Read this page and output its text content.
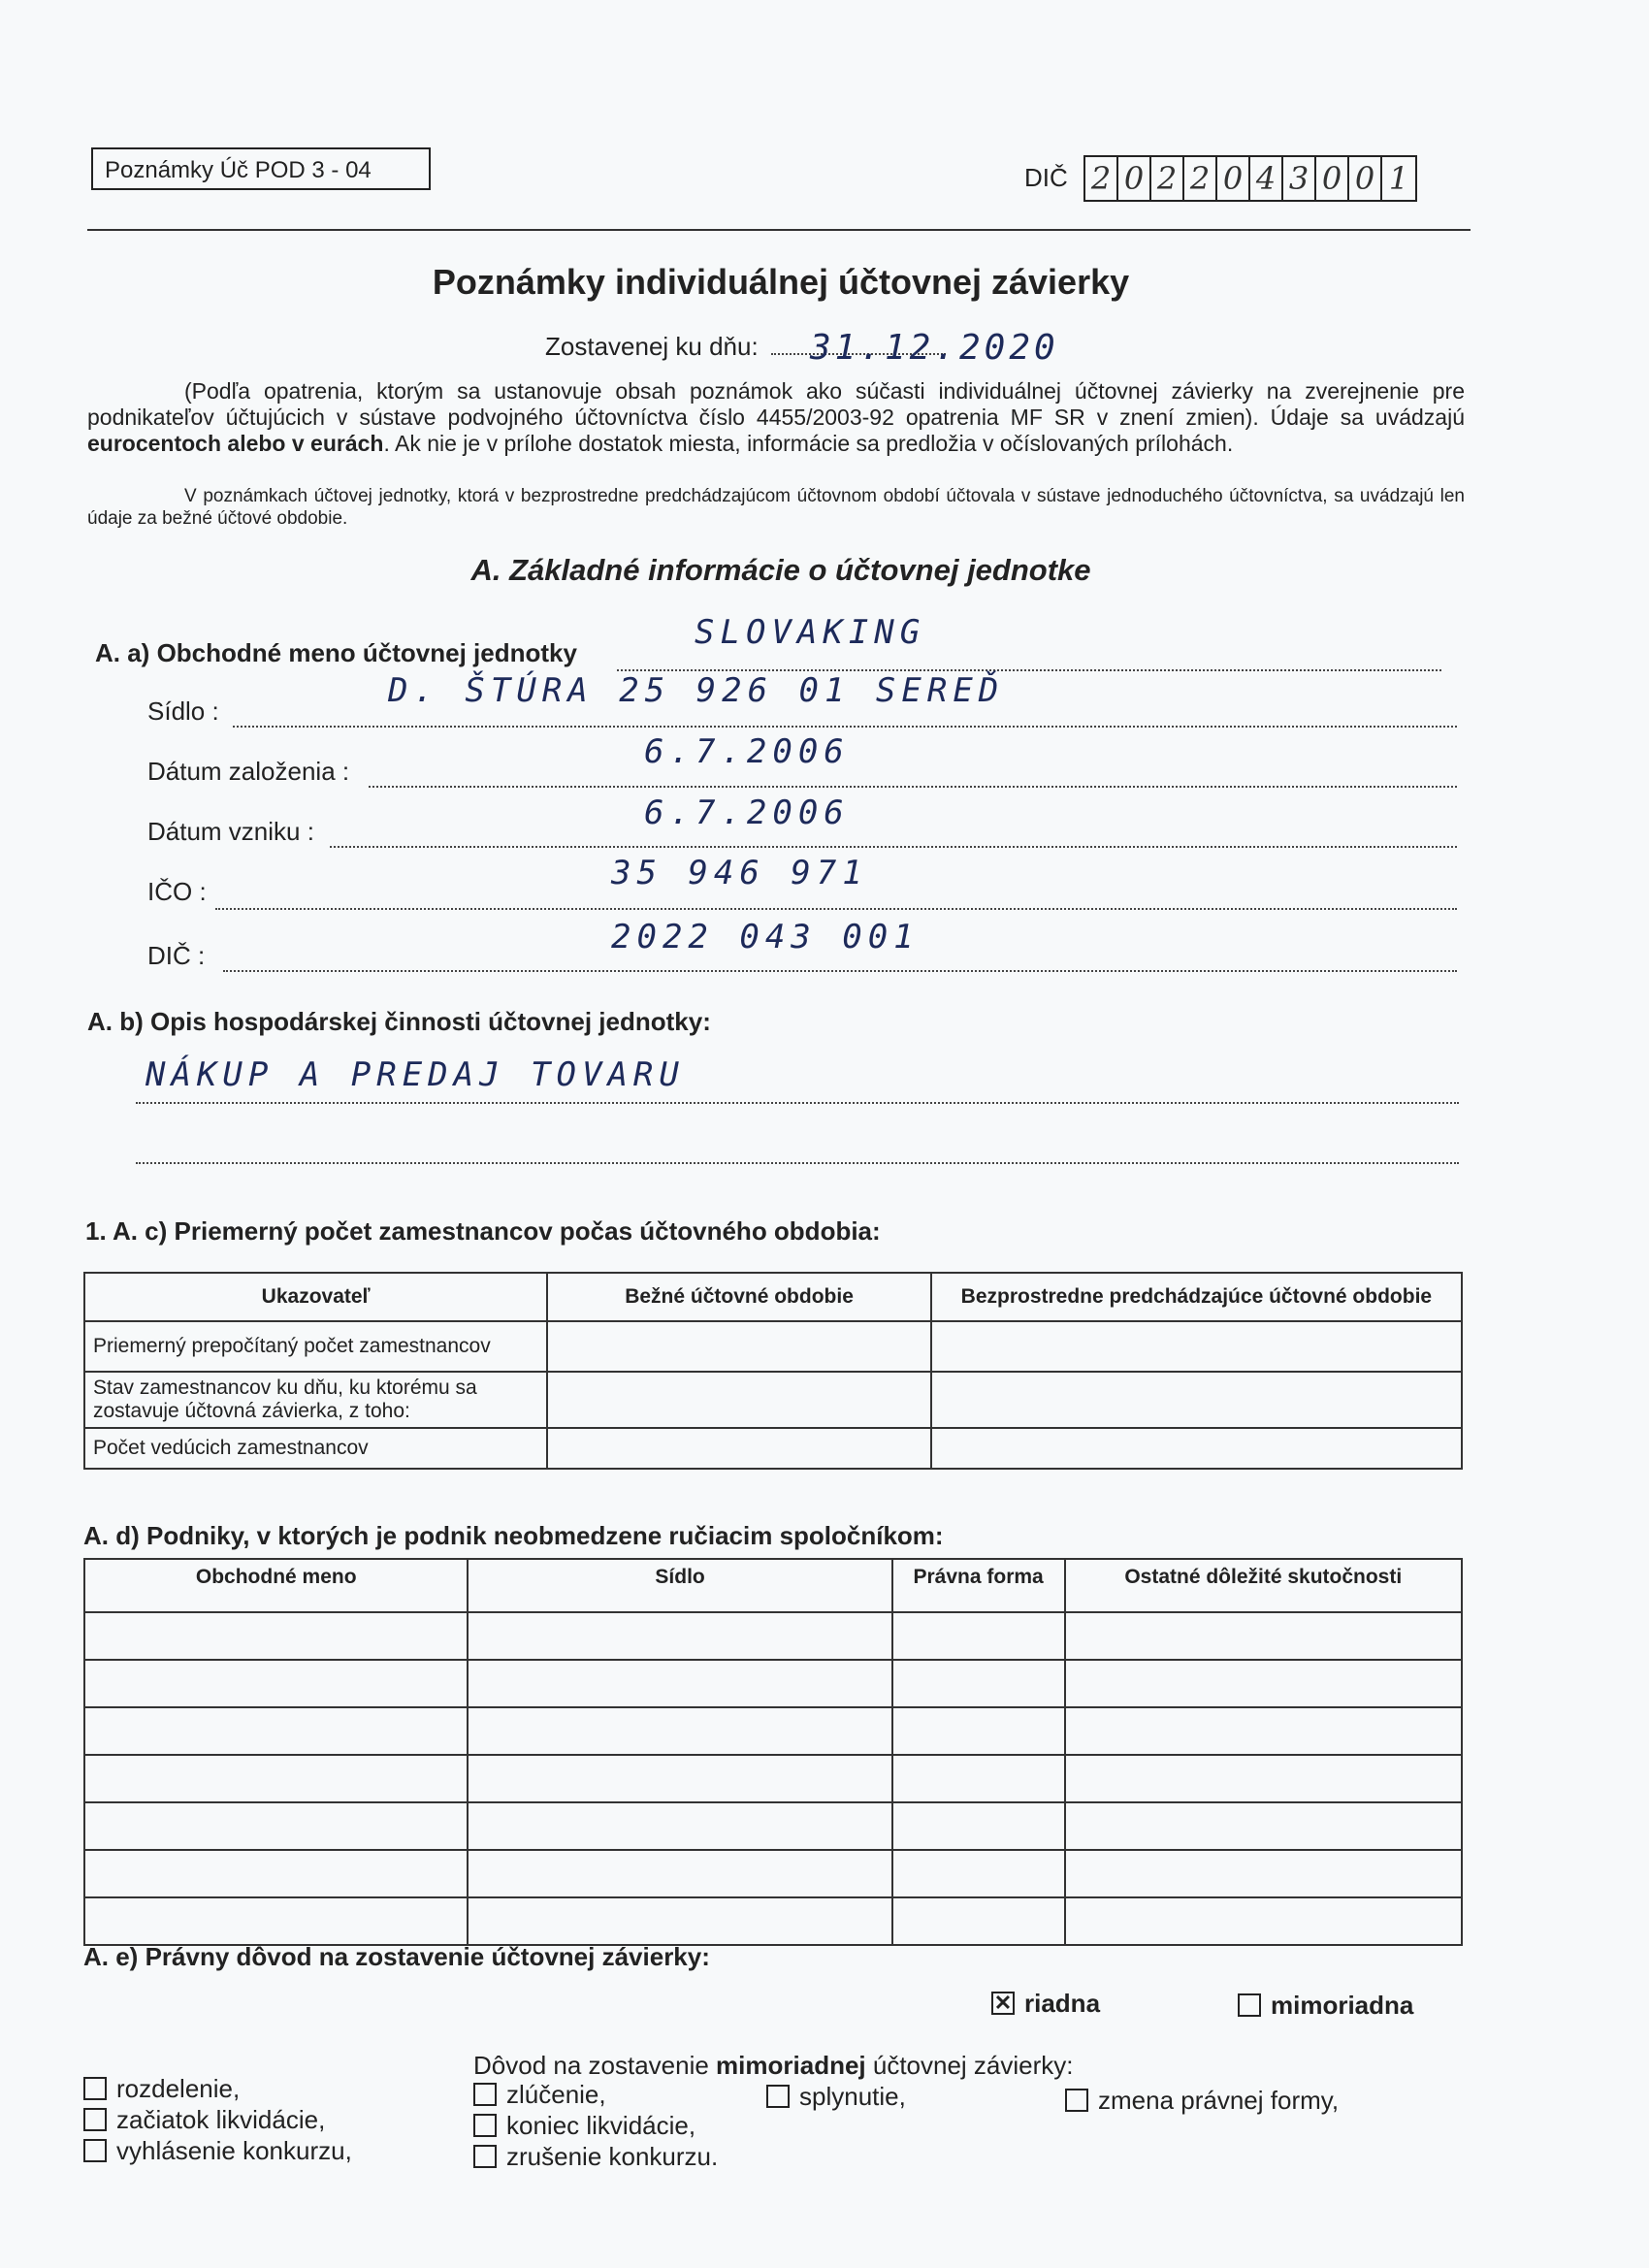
Poznámky Úč POD 3 - 04	DIČ 2 0 2 2 0 4 3 0 0 1
Poznámky individuálnej účtovnej závierky
Zostavenej ku dňu: 31.12.2020
(Podľa opatrenia, ktorým sa ustanovuje obsah poznámok ako súčasti individuálnej účtovnej závierky na zverejnenie pre podnikateľov účtujúcich v sústave podvojného účtovníctva číslo 4455/2003-92 opatrenia MF SR v znení zmien). Údaje sa uvádzajú eurocentoch alebo v eurách. Ak nie je v prílohe dostatok miesta, informácie sa predložia v očíslovaných prílohách.
V poznámkach účtovej jednotky, ktorá v bezprostredne predchádzajúcom účtovnom období účtovala v sústave jednoduchého účtovníctva, sa uvádzajú len údaje za bežné účtové obdobie.
A. Základné informácie o účtovnej jednotke
A. a) Obchodné meno účtovnej jednotky
SLOVAKING
Sídlo :
D. ŠTÚRA 25 926 01 SEREĎ
Dátum založenia :	6.7.2006
Dátum vzniku :	6.7.2006
IČO :	35 946 971
DIČ :	2022 043 001
A. b) Opis hospodárskej činnosti účtovnej jednotky:
NÁKUP A PREDAJ TOVARU
1. A. c) Priemerný počet zamestnancov počas účtovného obdobia:
Ukazovateľ	Bežné účtovné obdobie	Bezprostredne predchádzajúce účtovné obdobie
Priemerný prepočítaný počet zamestnancov		
Stav zamestnancov ku dňu, ku ktorému sa zostavuje účtovná závierka, z toho:		
Počet vedúcich zamestnancov		
A. d) Podniky, v ktorých je podnik neobmedzene ručiacim spoločníkom:
Obchodné meno	Sídlo	Právna forma	Ostatné dôležité skutočnosti

A. e) Právny dôvod na zostavenie účtovnej závierky:
✕ riadna	mimoriadna
Dôvod na zostavenie mimoriadnej účtovnej závierky:
rozdelenie,
začiatok likvidácie,
vyhlásenie konkurzu,
zlúčenie,
koniec likvidácie,
zrušenie konkurzu.
splynutie,	zmena právnej formy,
